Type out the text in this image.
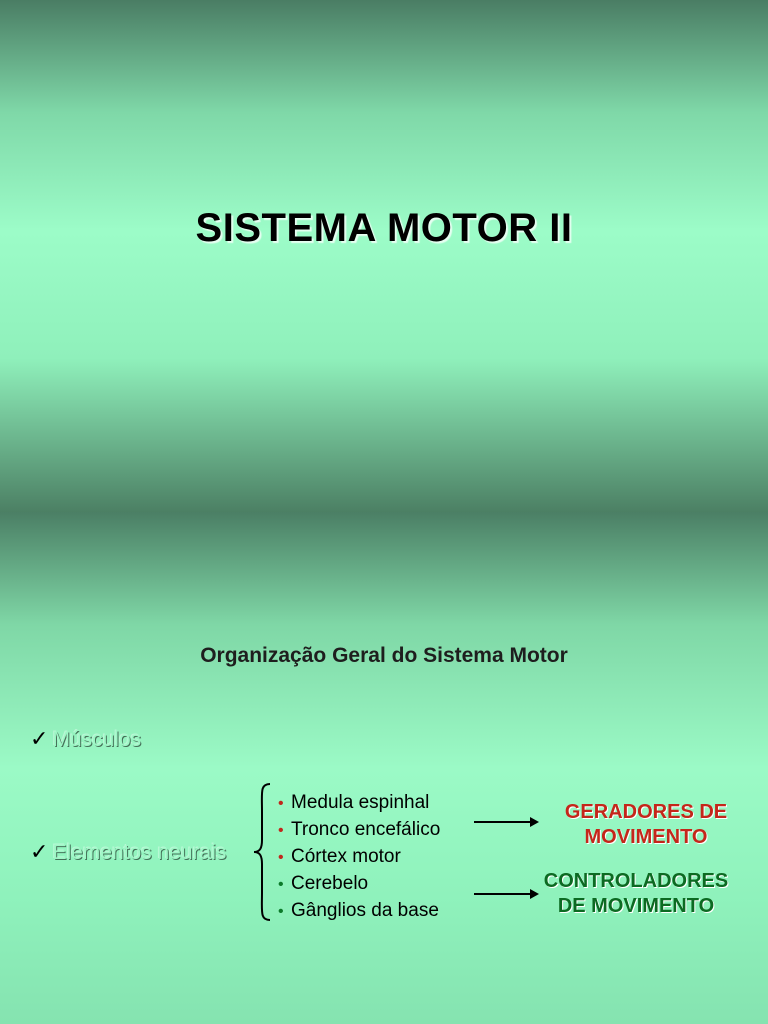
SISTEMA MOTOR II
Organização Geral do Sistema Motor
✓ Músculos
✓ Elementos neurais
• Medula espinhal
• Tronco encefálico
• Córtex motor
• Cerebelo
• Gânglios da base
GERADORES DE
MOVIMENTO
CONTROLADORES
DE MOVIMENTO
